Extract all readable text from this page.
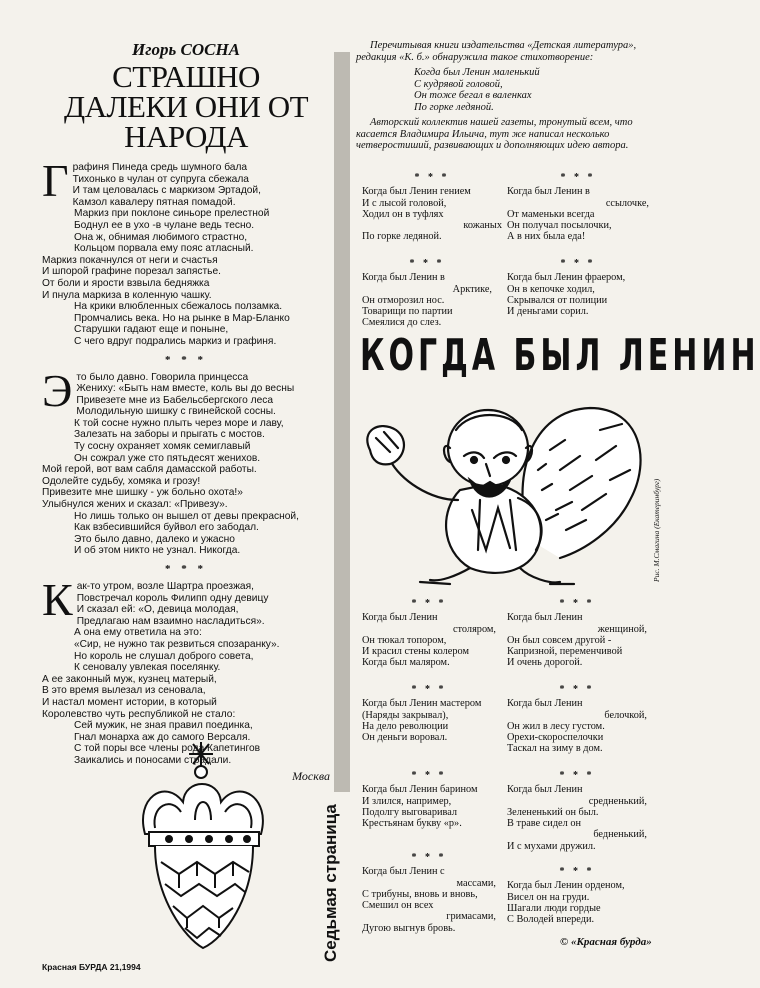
Игорь СОСНА
СТРАШНО
ДАЛЕКИ ОНИ ОТ
НАРОДА
Г рафиня Пинеда средь шумного бала
Тихонько в чулан от супруга сбежала
И там целовалась с маркизом Эртадой,
Камзол кавалеру пятная помадой.
Маркиз при поклоне синьоре прелестной
Боднул ее в ухо -в чулане ведь тесно.
Она ж, обнимая любимого страстно,
Кольцом порвала ему пояс атласный.
Маркиз покачнулся от неги и счастья
И шпорой графине порезал запястье.
От боли и ярости взвыла бедняжка
И пнула маркиза в коленную чашку.
На крики влюбленных сбежалось ползамка.
Промчались века. Но на рынке в Мар-Бланко
Старушки гадают еще и поныне,
С чего вдруг подрались маркиз и графиня.
* * *
Э то было давно. Говорила принцесса
Жениху: «Быть нам вместе, коль вы до весны
Привезете мне из Бабельсбергского леса
Молодильную шишку с гвинейской сосны.
К той сосне нужно плыть через море и лаву,
Залезать на заборы и прыгать с мостов.
Ту сосну охраняет хомяк семиглавый
Он сожрал уже сто пятьдесят женихов.
Мой герой, вот вам сабля дамасской работы.
Одолейте судьбу, хомяка и грозу!
Привезите мне шишку - уж больно охота!»
Улыбнулся жених и сказал: «Привезу».
Но лишь только он вышел от девы прекрасной,
Как взбесившийся буйвол его забодал.
Это было давно, далеко и ужасно
И об этом никто не узнал. Никогда.
* * *
К ак-то утром, возле Шартра проезжая,
Повстречал король Филипп одну девицу
И сказал ей: «О, девица молодая,
Предлагаю нам взаимно насладиться».
А она ему ответила на это:
«Сир, не нужно так резвиться спозаранку».
Но король не слушал доброго совета,
К сеновалу увлекая поселянку.
А ее законный муж, кузнец матерый,
В это время вылезал из сеновала,
И настал момент истории, в который
Королевство чуть республикой не стало:
Сей мужик, не зная правил поединка,
Гнал монарха аж до самого Версаля.
С той поры все члены рода Капетингов
Заикались и поносами страдали.
Москва
Седьмая страница

Перечитывая книги издательства «Детская литература», редакция «К. б.» обнаружила такое стихотворение:

Когда был Ленин маленький
С кудрявой головой,
Он тоже бегал в валенках
По горке ледяной.

Авторский коллектив нашей газеты, тронутый всем, что касается Владимира Ильича, тут же написал несколько четверостиший, развивающих и дополняющих идею автора.

* * *
Когда был Ленин гением
И с лысой головой,
Ходил он в туфлях
кожаных
По горке ледяной.
* * *
Когда был Ленин в
ссылочке,
От маменьки всегда
Он получал посылочки,
А в них была еда!
* * *
Когда был Ленин в
Арктике,
Он отморозил нос.
Товарищи по партии
Смеялися до слез.
* * *
Когда был Ленин фраером,
Он в кепочке ходил,
Скрывался от полиции
И деньгами сорил.
КОГДА БЫЛ ЛЕНИН
Рис. М.Смагина (Екатеринбург)
* * *
Когда был Ленин
столяром,
Он тюкал топором,
И красил стены колером
Когда был маляром.
* * *
Когда был Ленин
женщиной,
Он был совсем другой -
Капризной, переменчивой
И очень дорогой.
* * *
Когда был Ленин мастером
(Наряды закрывал),
На дело революции
Он деньги воровал.
* * *
Когда был Ленин
белочкой,
Он жил в лесу густом.
Орехи-скороспелочки
Таскал на зиму в дом.
* * *
Когда был Ленин барином
И злился, например,
Подолгу выговаривал
Крестьянам букву «р».
* * *
Когда был Ленин
средненький,
Зелененький он был.
В траве сидел он
бедненький,
И с мухами дружил.
* * *
Когда был Ленин с
массами,
С трибуны, вновь и вновь,
Смешил он всех
гримасами,
Дугою выгнув бровь.
* * *
Когда был Ленин орденом,
Висел он на груди.
Шагали люди гордые
С Володей впереди.
© «Красная бурда»
Красная БУРДА 21,1994
